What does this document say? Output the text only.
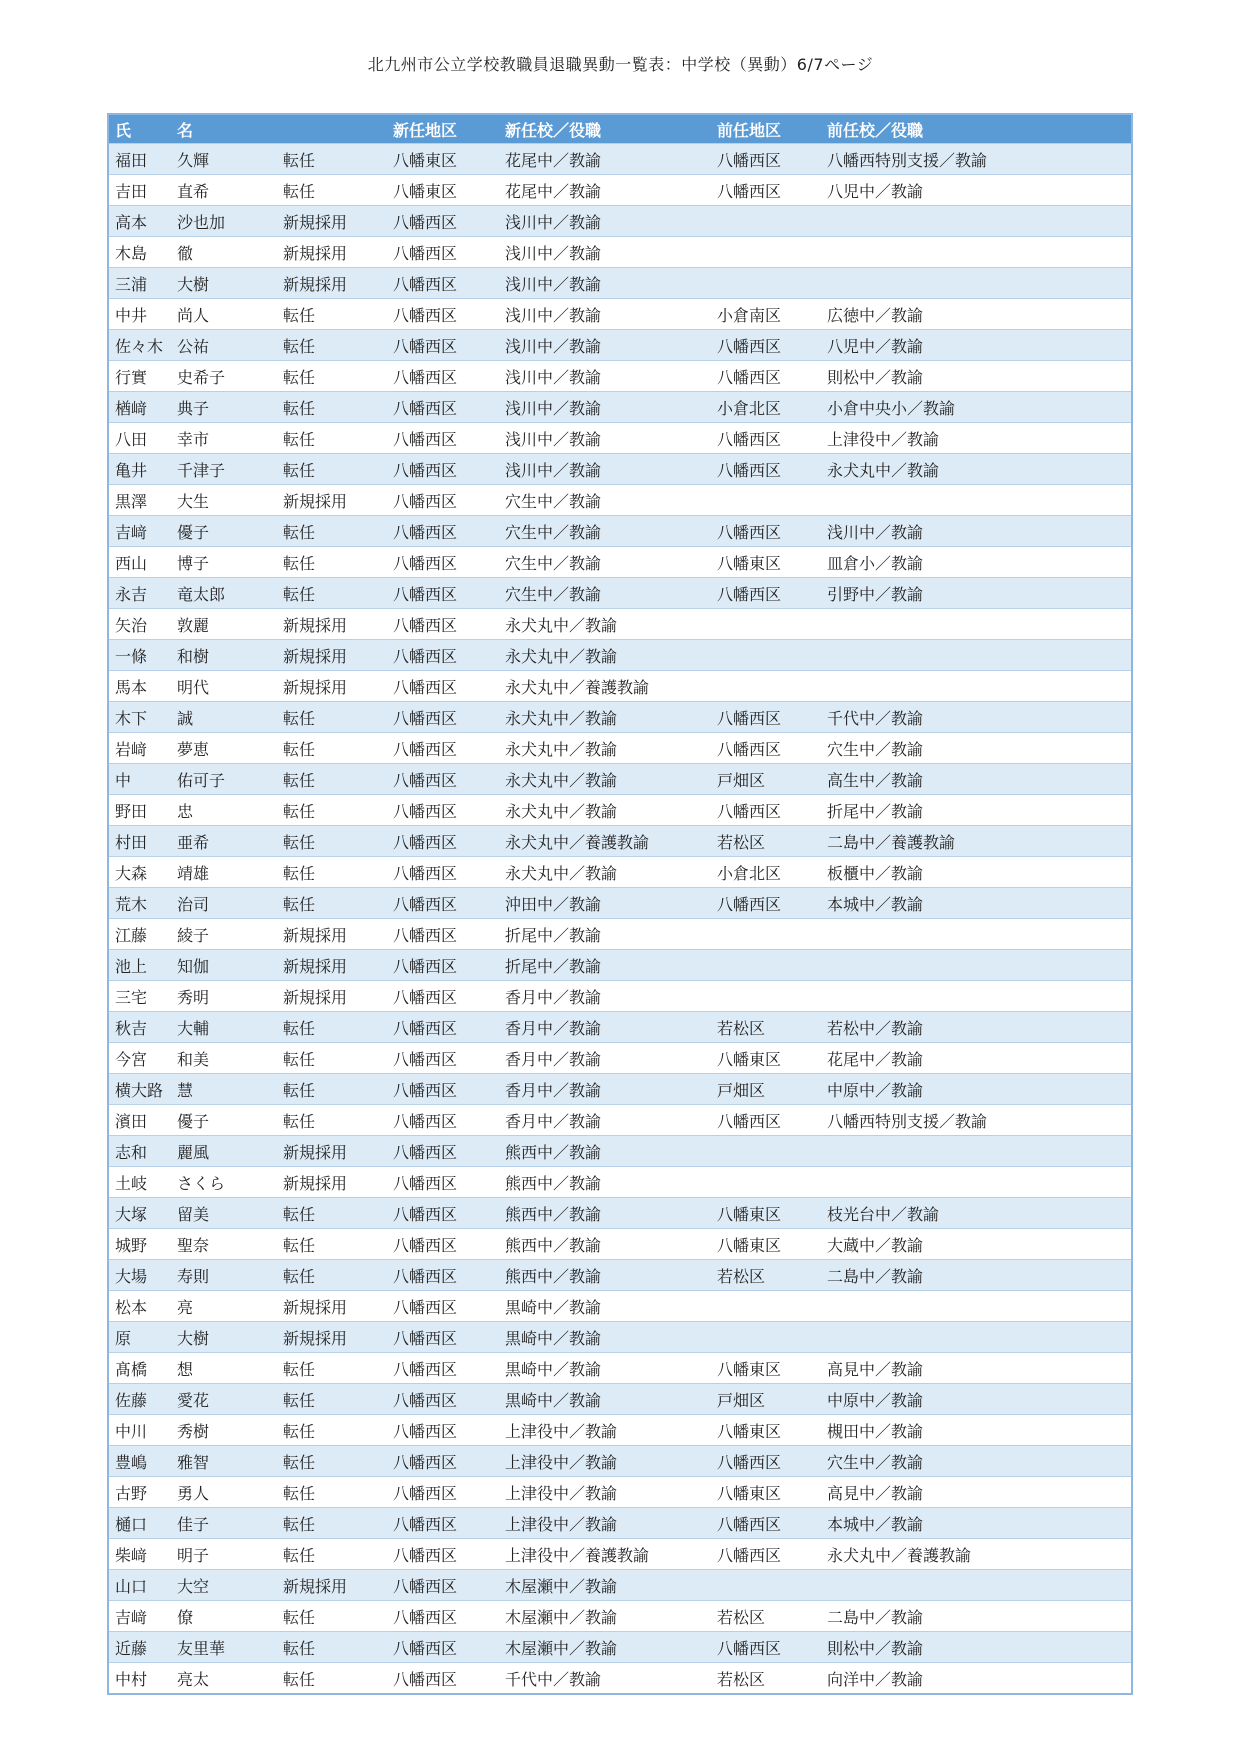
北九州市公立学校教職員退職異動一覧表：中学校（異動）6/7ページ
氏	名		新任地区	新任校／役職	前任地区	前任校／役職
福田	久輝	転任	八幡東区	花尾中／教諭	八幡西区	八幡西特別支援／教諭
吉田	直希	転任	八幡東区	花尾中／教諭	八幡西区	八児中／教諭
高本	沙也加	新規採用	八幡西区	浅川中／教諭		
木島	徹	新規採用	八幡西区	浅川中／教諭		
三浦	大樹	新規採用	八幡西区	浅川中／教諭		
中井	尚人	転任	八幡西区	浅川中／教諭	小倉南区	広徳中／教諭
佐々木	公祐	転任	八幡西区	浅川中／教諭	八幡西区	八児中／教諭
行實	史希子	転任	八幡西区	浅川中／教諭	八幡西区	則松中／教諭
楢﨑	典子	転任	八幡西区	浅川中／教諭	小倉北区	小倉中央小／教諭
八田	幸市	転任	八幡西区	浅川中／教諭	八幡西区	上津役中／教諭
亀井	千津子	転任	八幡西区	浅川中／教諭	八幡西区	永犬丸中／教諭
黒澤	大生	新規採用	八幡西区	穴生中／教諭		
吉﨑	優子	転任	八幡西区	穴生中／教諭	八幡西区	浅川中／教諭
西山	博子	転任	八幡西区	穴生中／教諭	八幡東区	皿倉小／教諭
永吉	竜太郎	転任	八幡西区	穴生中／教諭	八幡西区	引野中／教諭
矢治	敦麗	新規採用	八幡西区	永犬丸中／教諭		
一條	和樹	新規採用	八幡西区	永犬丸中／教諭		
馬本	明代	新規採用	八幡西区	永犬丸中／養護教諭		
木下	誠	転任	八幡西区	永犬丸中／教諭	八幡西区	千代中／教諭
岩﨑	夢恵	転任	八幡西区	永犬丸中／教諭	八幡西区	穴生中／教諭
中	佑可子	転任	八幡西区	永犬丸中／教諭	戸畑区	高生中／教諭
野田	忠	転任	八幡西区	永犬丸中／教諭	八幡西区	折尾中／教諭
村田	亜希	転任	八幡西区	永犬丸中／養護教諭	若松区	二島中／養護教諭
大森	靖雄	転任	八幡西区	永犬丸中／教諭	小倉北区	板櫃中／教諭
荒木	治司	転任	八幡西区	沖田中／教諭	八幡西区	本城中／教諭
江藤	綾子	新規採用	八幡西区	折尾中／教諭		
池上	知伽	新規採用	八幡西区	折尾中／教諭		
三宅	秀明	新規採用	八幡西区	香月中／教諭		
秋吉	大輔	転任	八幡西区	香月中／教諭	若松区	若松中／教諭
今宮	和美	転任	八幡西区	香月中／教諭	八幡東区	花尾中／教諭
横大路	慧	転任	八幡西区	香月中／教諭	戸畑区	中原中／教諭
濱田	優子	転任	八幡西区	香月中／教諭	八幡西区	八幡西特別支援／教諭
志和	麗風	新規採用	八幡西区	熊西中／教諭		
土岐	さくら	新規採用	八幡西区	熊西中／教諭		
大塚	留美	転任	八幡西区	熊西中／教諭	八幡東区	枝光台中／教諭
城野	聖奈	転任	八幡西区	熊西中／教諭	八幡東区	大蔵中／教諭
大場	寿則	転任	八幡西区	熊西中／教諭	若松区	二島中／教諭
松本	亮	新規採用	八幡西区	黒崎中／教諭		
原	大樹	新規採用	八幡西区	黒崎中／教諭		
髙橋	想	転任	八幡西区	黒崎中／教諭	八幡東区	高見中／教諭
佐藤	愛花	転任	八幡西区	黒崎中／教諭	戸畑区	中原中／教諭
中川	秀樹	転任	八幡西区	上津役中／教諭	八幡東区	槻田中／教諭
豊嶋	雅智	転任	八幡西区	上津役中／教諭	八幡西区	穴生中／教諭
古野	勇人	転任	八幡西区	上津役中／教諭	八幡東区	高見中／教諭
樋口	佳子	転任	八幡西区	上津役中／教諭	八幡西区	本城中／教諭
柴﨑	明子	転任	八幡西区	上津役中／養護教諭	八幡西区	永犬丸中／養護教諭
山口	大空	新規採用	八幡西区	木屋瀬中／教諭		
吉﨑	僚	転任	八幡西区	木屋瀬中／教諭	若松区	二島中／教諭
近藤	友里華	転任	八幡西区	木屋瀬中／教諭	八幡西区	則松中／教諭
中村	亮太	転任	八幡西区	千代中／教諭	若松区	向洋中／教諭
